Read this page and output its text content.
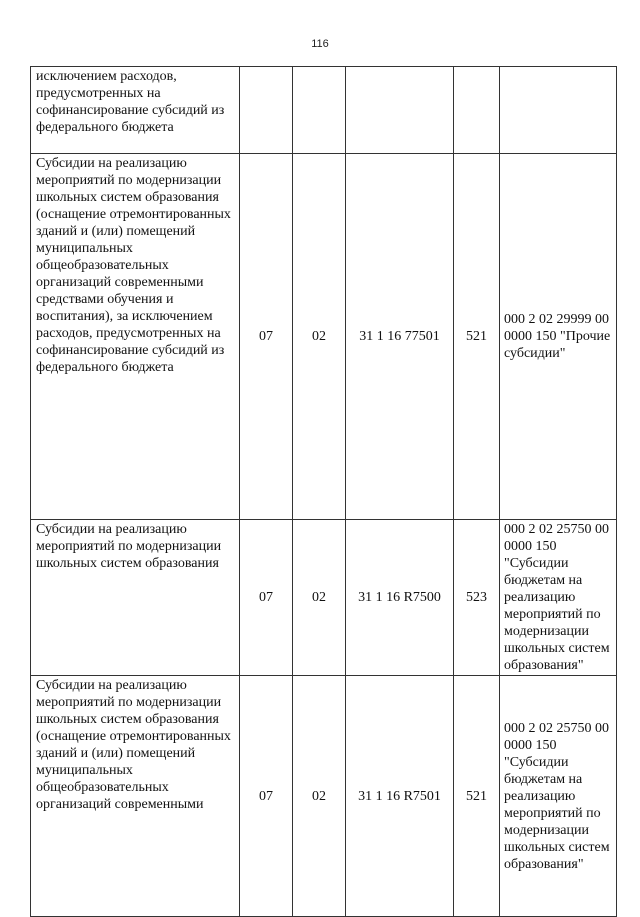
116
исключением расходов, предусмотренных на софинансирование субсидий из федерального бюджета					
Субсидии на реализацию мероприятий по модернизации школьных систем образования (оснащение отремонтированных зданий и (или) помещений муниципальных общеобразовательных организаций современными средствами обучения и воспитания), за исключением расходов, предусмотренных на софинансирование субсидий из федерального бюджета	07	02	31 1 16 77501	521	000 2 02 29999 00 0000 150 "Прочие субсидии"
Субсидии на реализацию мероприятий по модернизации школьных систем образования	07	02	31 1 16 R7500	523	000 2 02 25750 00 0000 150 "Субсидии бюджетам на реализацию мероприятий по модернизации школьных систем образования"
Субсидии на реализацию мероприятий по модернизации школьных систем образования (оснащение отремонтированных зданий и (или) помещений муниципальных общеобразовательных организаций современными	07	02	31 1 16 R7501	521	000 2 02 25750 00 0000 150 "Субсидии бюджетам на реализацию мероприятий по модернизации школьных систем образования"
